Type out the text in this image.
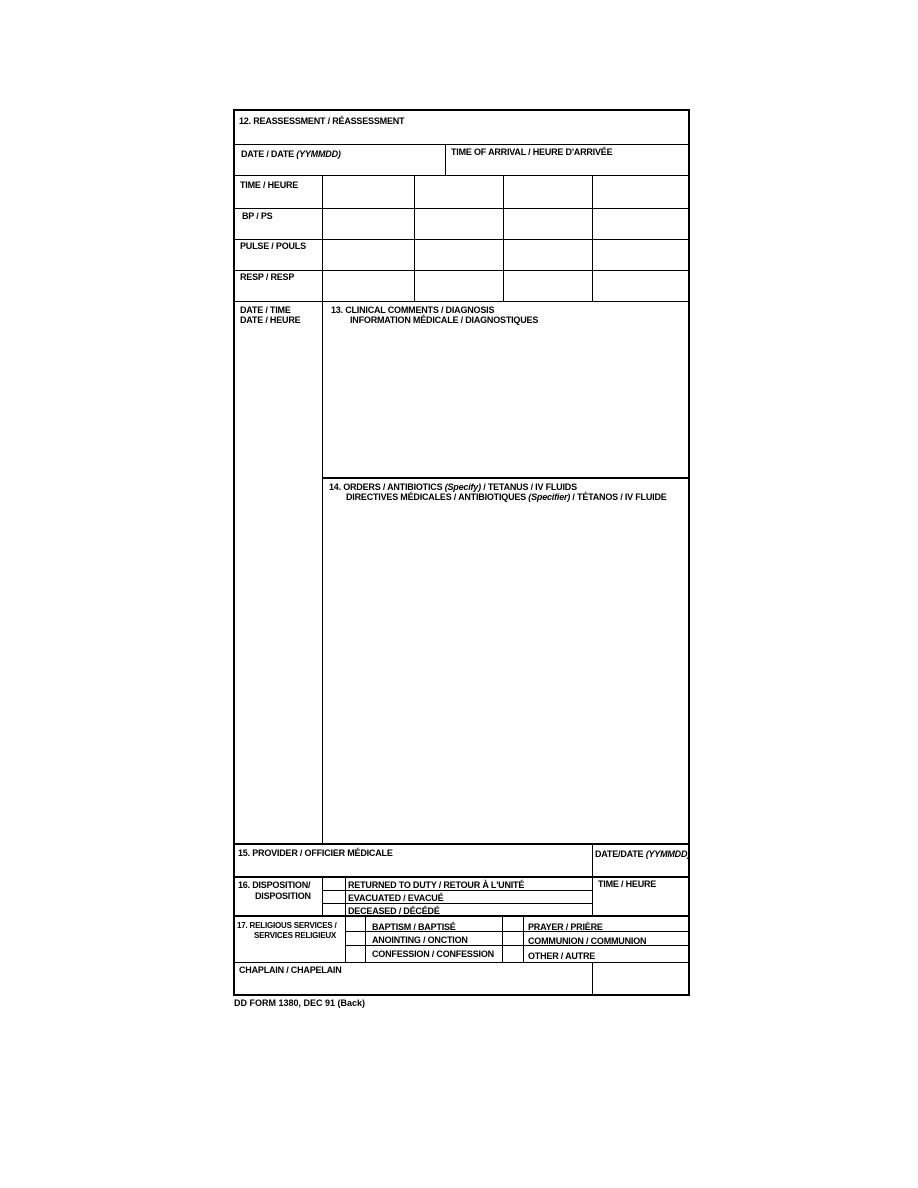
12. REASSESSMENT / RÉASSESSMENT
DATE / DATE (YYMMDD)	TIME OF ARRIVAL / HEURE D'ARRIVÉE
TIME / HEURE
BP / PS
PULSE / POULS
RESP / RESP
DATE / TIME
DATE / HEURE
13. CLINICAL COMMENTS / DIAGNOSIS
INFORMATION MÉDICALE / DIAGNOSTIQUES
14. ORDERS / ANTIBIOTICS (Specify) / TETANUS / IV FLUIDS
DIRECTIVES MÉDICALES / ANTIBIOTIQUES (Specifier) / TÉTANOS / IV FLUIDE
15. PROVIDER / OFFICIER MÉDICALE	DATE/DATE (YYMMDD)
16. DISPOSITION/
DISPOSITION
RETURNED TO DUTY / RETOUR À L'UNITÉ
EVACUATED / EVACUÉ
DECEASED / DÉCÉDÉ
TIME / HEURE
17. RELIGIOUS SERVICES /
SERVICES RELIGIEUX
BAPTISM / BAPTISÉ
ANOINTING / ONCTION
CONFESSION / CONFESSION
PRAYER / PRIÈRE
COMMUNION / COMMUNION
OTHER / AUTRE
CHAPLAIN / CHAPELAIN
DD FORM 1380, DEC 91 (Back)
